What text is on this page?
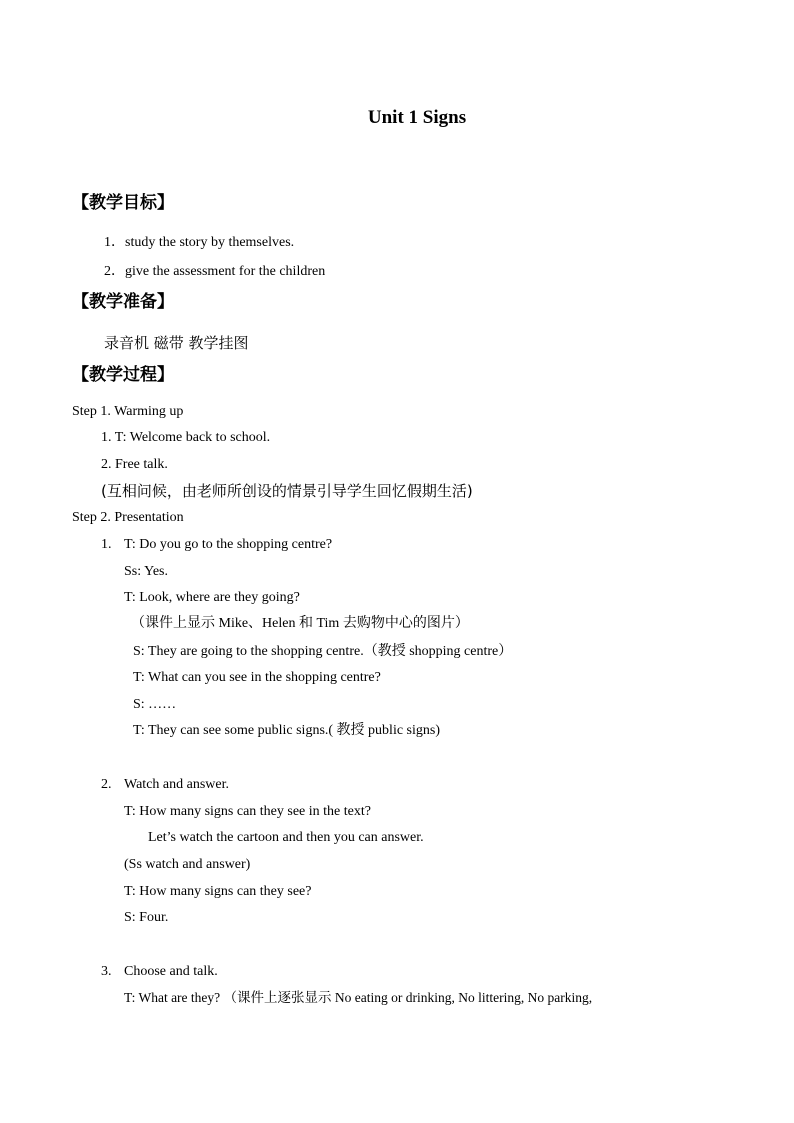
Unit 1 Signs
【教学目标】
1．study the story by themselves.
2．give the assessment for the children
【教学准备】
录音机 磁带 教学挂图
【教学过程】
Step 1. Warming up
1. T: Welcome back to school.
2. Free talk.
(互相问候，由老师所创设的情景引导学生回忆假期生活)
Step 2. Presentation
1. T: Do you go to the shopping centre?
Ss: Yes.
T: Look, where are they going?
（课件上显示 Mike、Helen 和 Tim 去购物中心的图片）
S: They are going to the shopping centre.（教授 shopping centre）
T: What can you see in the shopping centre?
S: ……
T: They can see some public signs.( 教授 public signs)
2. Watch and answer.
T: How many signs can they see in the text?
Let’s watch the cartoon and then you can answer.
(Ss watch and answer)
T: How many signs can they see?
S: Four.
3. Choose and talk.
T: What are they? （课件上逐张显示 No eating or drinking, No littering, No parking,
